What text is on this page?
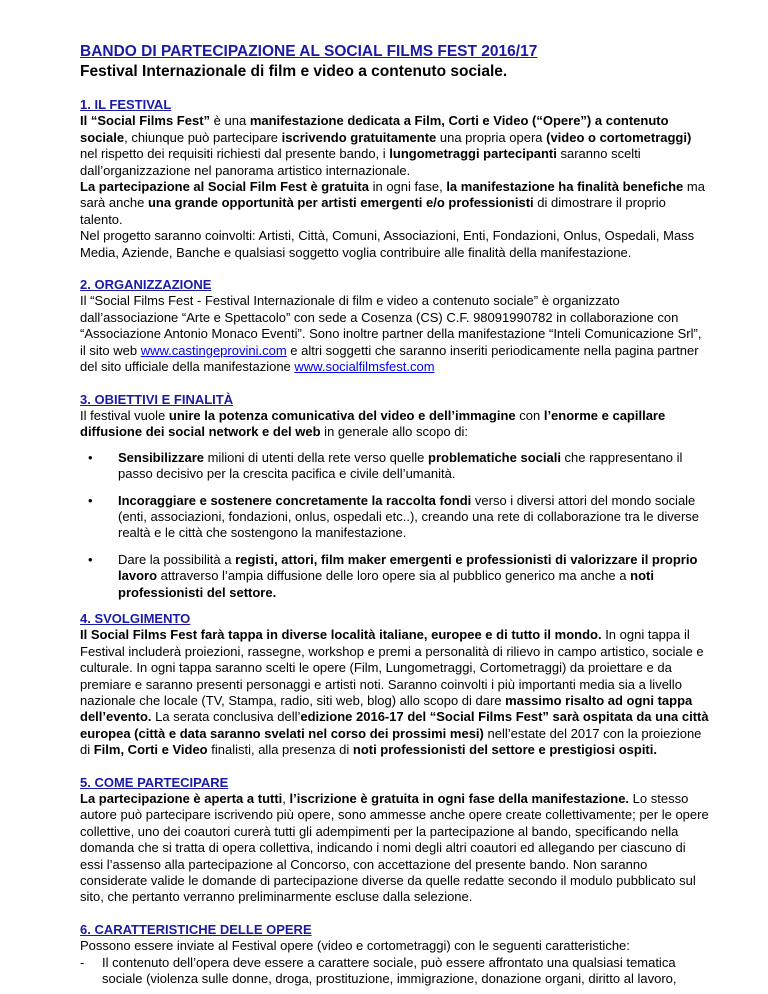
BANDO DI PARTECIPAZIONE AL SOCIAL FILMS FEST 2016/17
Festival Internazionale di film e video a contenuto sociale.
1. IL FESTIVAL

Il “Social Films Fest” è una manifestazione dedicata a Film, Corti e Video (“Opere”) a contenuto sociale, chiunque può partecipare iscrivendo gratuitamente una propria opera (video o cortometraggi) nel rispetto dei requisiti richiesti dal presente bando, i lungometraggi partecipanti saranno scelti dall’organizzazione nel panorama artistico internazionale.

La partecipazione al Social Film Fest è gratuita in ogni fase, la manifestazione ha finalità benefiche ma sarà anche una grande opportunità per artisti emergenti e/o professionisti di dimostrare il proprio talento.

Nel progetto saranno coinvolti: Artisti, Città, Comuni, Associazioni, Enti, Fondazioni, Onlus, Ospedali, Mass Media, Aziende, Banche e qualsiasi soggetto voglia contribuire alle finalità della manifestazione.

2. ORGANIZZAZIONE

Il “Social Films Fest - Festival Internazionale di film e video a contenuto sociale” è organizzato dall’associazione “Arte e Spettacolo” con sede a Cosenza (CS) C.F. 98091990782 in collaborazione con “Associazione Antonio Monaco Eventi”. Sono inoltre partner della manifestazione “Inteli Comunicazione Srl”, il sito web www.castingeprovini.com e altri soggetti che saranno inseriti periodicamente nella pagina partner del sito ufficiale della manifestazione www.socialfilmsfest.com

3. OBIETTIVI E FINALITÀ

Il festival vuole unire la potenza comunicativa del video e dell’immagine con l’enorme e capillare diffusione dei social network e del web in generale allo scopo di:

• Sensibilizzare milioni di utenti della rete verso quelle problematiche sociali che rappresentano il passo decisivo per la crescita pacifica e civile dell’umanità.
• Incoraggiare e sostenere concretamente la raccolta fondi verso i diversi attori del mondo sociale (enti, associazioni, fondazioni, onlus, ospedali etc..), creando una rete di collaborazione tra le diverse realtà e le città che sostengono la manifestazione.
• Dare la possibilità a registi, attori, film maker emergenti e professionisti di valorizzare il proprio lavoro attraverso l’ampia diffusione delle loro opere sia al pubblico generico ma anche a noti professionisti del settore.
4. SVOLGIMENTO

Il Social Films Fest farà tappa in diverse località italiane, europee e di tutto il mondo. In ogni tappa il Festival includerà proiezioni, rassegne, workshop e premi a personalità di rilievo in campo artistico, sociale e culturale. In ogni tappa saranno scelti le opere (Film, Lungometraggi, Cortometraggi) da proiettare e da premiare e saranno presenti personaggi e artisti noti. Saranno coinvolti i più importanti media sia a livello nazionale che locale (TV, Stampa, radio, siti web, blog) allo scopo di dare massimo risalto ad ogni tappa dell’evento. La serata conclusiva dell’edizione 2016-17 del “Social Films Fest” sarà ospitata da una città europea (città e data saranno svelati nel corso dei prossimi mesi) nell’estate del 2017 con la proiezione di Film, Corti e Video finalisti, alla presenza di noti professionisti del settore e prestigiosi ospiti.

5. COME PARTECIPARE

La partecipazione è aperta a tutti, l’iscrizione è gratuita in ogni fase della manifestazione. Lo stesso autore può partecipare iscrivendo più opere, sono ammesse anche opere create collettivamente; per le opere collettive, uno dei coautori curerà tutti gli adempimenti per la partecipazione al bando, specificando nella domanda che si tratta di opera collettiva, indicando i nomi degli altri coautori ed allegando per ciascuno di essi l’assenso alla partecipazione al Concorso, con accettazione del presente bando. Non saranno considerate valide le domande di partecipazione diverse da quelle redatte secondo il modulo pubblicato sul sito, che pertanto verranno preliminarmente escluse dalla selezione.

6. CARATTERISTICHE DELLE OPERE

Possono essere inviate al Festival opere (video e cortometraggi) con le seguenti caratteristiche:

- Il contenuto dell’opera deve essere a carattere sociale, può essere affrontato una qualsiasi tematica sociale (violenza sulle donne, droga, prostituzione, immigrazione, donazione organi, diritto al lavoro,
